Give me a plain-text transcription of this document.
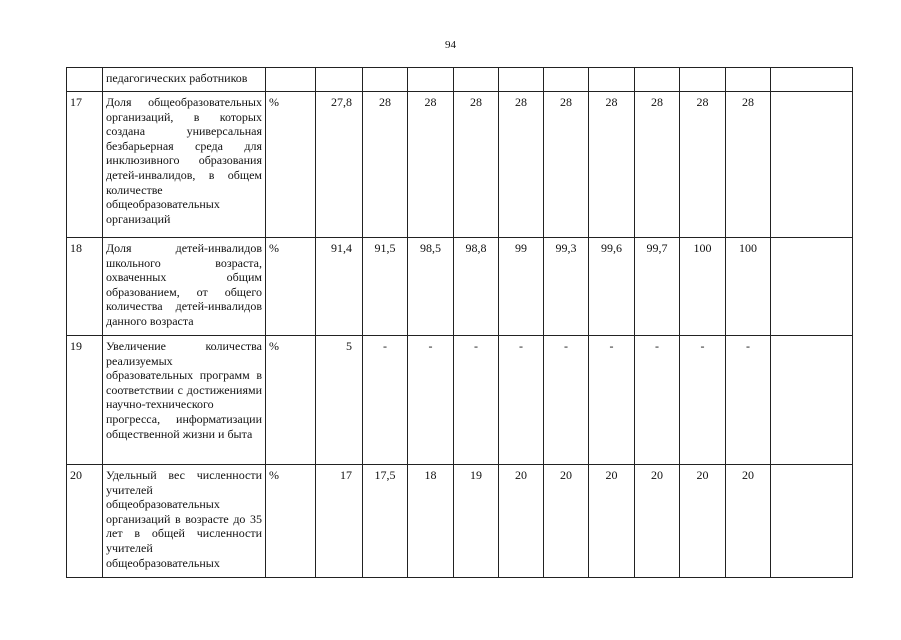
94
	педагогических работников												
17	Доля общеобразовательных организаций, в которых создана универсальная безбарьерная среда для инклюзивного образования детей-инвалидов, в общем количестве общеобразовательных организаций	%	27,8	28	28	28	28	28	28	28	28	28	
18	Доля детей-инвалидов школьного возраста, охваченных общим образованием, от общего количества детей-инвалидов данного возраста	%	91,4	91,5	98,5	98,8	99	99,3	99,6	99,7	100	100	
19	Увеличение количества реализуемых образовательных программ в соответствии с достижениями научно-технического прогресса, информатизации общественной жизни и быта	%	5	-	-	-	-	-	-	-	-	-	
20	Удельный вес численности учителей общеобразовательных организаций в возрасте до 35 лет в общей численности учителей общеобразовательных	%	17	17,5	18	19	20	20	20	20	20	20	
